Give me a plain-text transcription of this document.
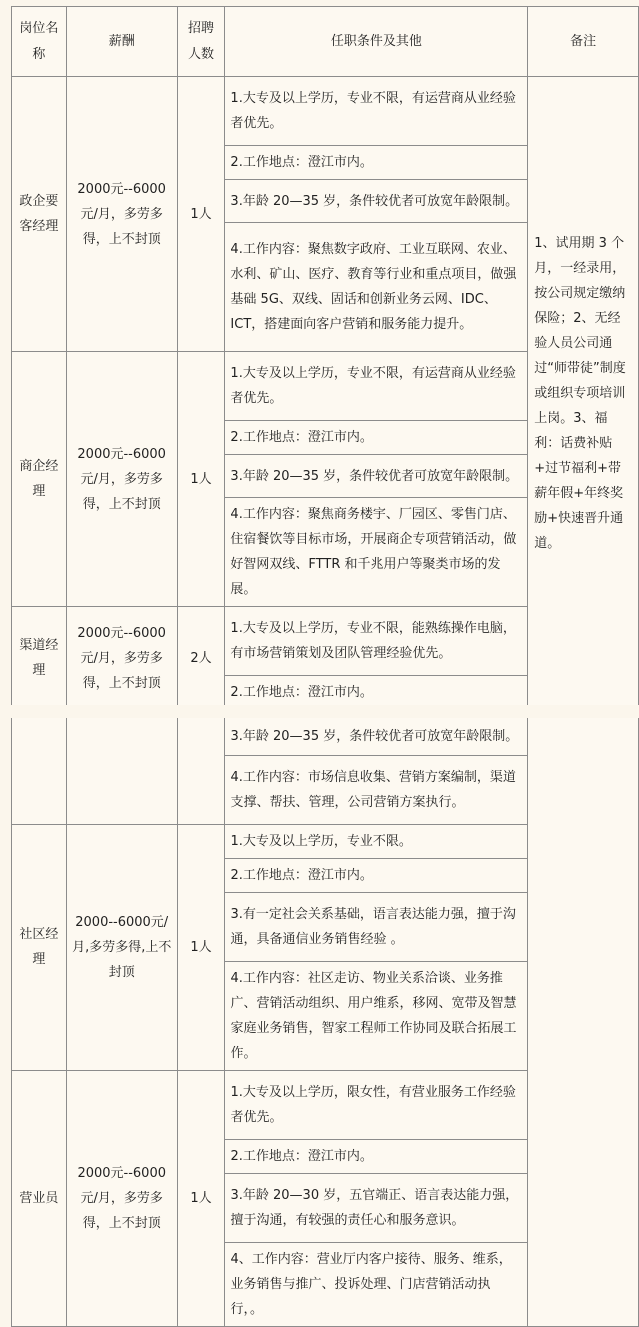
岗位名称	薪酬	招聘人数	任职条件及其他	备注
政企要客经理	2000元--6000元/月，多劳多得，上不封顶	1人	1.大专及以上学历，专业不限，有运营商从业经验者优先。	1、试用期 3 个月，一经录用，按公司规定缴纳保险；2、无经验人员公司通过“师带徒”制度或组织专项培训上岗。3、福利：话费补贴+过节福利+带薪年假+年终奖励+快速晋升通道。
			2.工作地点：澄江市内。	
			3.年龄 20—35 岁，条件较优者可放宽年龄限制。	
			4.工作内容：聚焦数字政府、工业互联网、农业、水利、矿山、医疗、教育等行业和重点项目，做强基础 5G、双线、固话和创新业务云网、IDC、ICT，搭建面向客户营销和服务能力提升。	
商企经理	2000元--6000元/月，多劳多得，上不封顶	1人	1.大专及以上学历，专业不限，有运营商从业经验者优先。	
			2.工作地点：澄江市内。	
			3.年龄 20—35 岁，条件较优者可放宽年龄限制。	
			4.工作内容：聚焦商务楼宇、厂园区、零售门店、住宿餐饮等目标市场，开展商企专项营销活动，做好智网双线、FTTR 和千兆用户等聚类市场的发展。	
渠道经理	2000元--6000元/月，多劳多得，上不封顶	2人	1.大专及以上学历，专业不限，能熟练操作电脑，有市场营销策划及团队管理经验优先。	
			2.工作地点：澄江市内。	
			3.年龄 20—35 岁，条件较优者可放宽年龄限制。	
			4.工作内容：市场信息收集、营销方案编制，渠道支撑、帮扶、管理，公司营销方案执行。	
社区经理	2000--6000元/月,多劳多得,上不封顶	1人	1.大专及以上学历，专业不限。	
			2.工作地点：澄江市内。	
			3.有一定社会关系基础，语言表达能力强，擅于沟通，具备通信业务销售经验 。	
			4.工作内容：社区走访、物业关系洽谈、业务推广、营销活动组织、用户维系，移网、宽带及智慧家庭业务销售，智家工程师工作协同及联合拓展工作。	
营业员	2000元--6000元/月，多劳多得，上不封顶	1人	1.大专及以上学历，限女性，有营业服务工作经验者优先。	
			2.工作地点：澄江市内。	
			3.年龄 20—30 岁，五官端正、语言表达能力强，擅于沟通，有较强的责任心和服务意识。	
			4、工作内容：营业厅内客户接待、服务、维系，业务销售与推广、投诉处理、门店营销活动执行，。	
